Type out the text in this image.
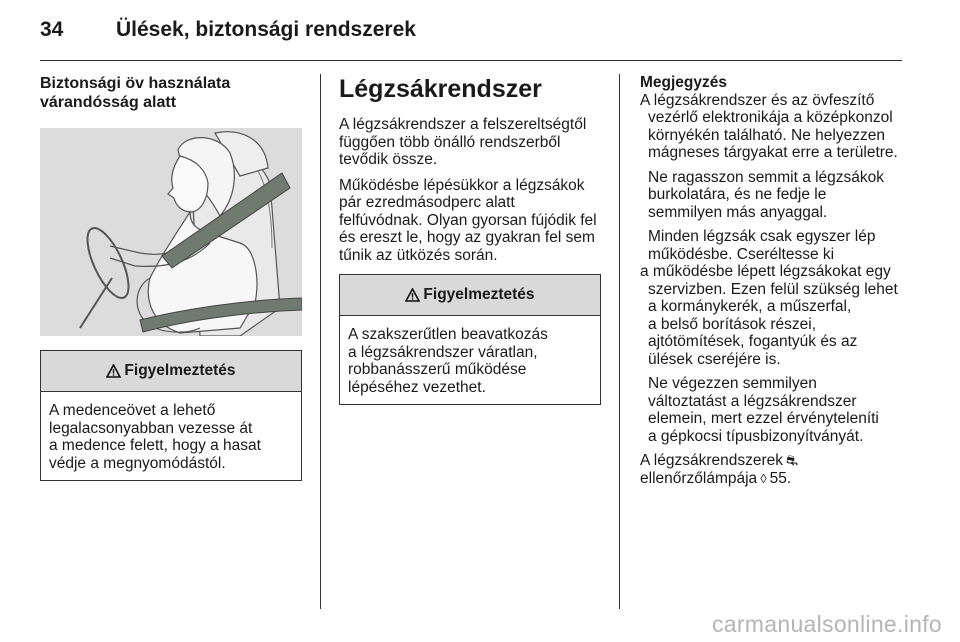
34	Ülések, biztonsági rendszerek
Biztonsági öv használata
várandósság alatt
Figyelmeztetés
A medenceövet a lehető
legalacsonyabban vezesse át
a medence felett, hogy a hasat
védje a megnyomódástól.
Légzsákrendszer

A légzsákrendszer a felszereltségtől
függően több önálló rendszerből
tevődik össze.

Működésbe lépésükkor a légzsákok
pár ezredmásodperc alatt
felfúvódnak. Olyan gyorsan fújódik fel
és ereszt le, hogy az gyakran fel sem
tűnik az ütközés során.

Figyelmeztetés
A szakszerűtlen beavatkozás
a légzsákrendszer váratlan,
robbanásszerű működése
lépéséhez vezethet.
Megjegyzés

A légzsákrendszer és az övfeszítő
vezérlő elektronikája a középkonzol
környékén található. Ne helyezzen
mágneses tárgyakat erre a területre.

Ne ragasszon semmit a légzsákok
burkolatára, és ne fedje le
semmilyen más anyaggal.

Minden légzsák csak egyszer lép
működésbe. Cseréltesse ki
a működésbe lépett légzsákokat egy
szervizben. Ezen felül szükség lehet
a kormánykerék, a műszerfal,
a belső borítások részei,
ajtótömítések, fogantyúk és az
ülések cseréjére is.

Ne végezzen semmilyen
változtatást a légzsákrendszer
elemein, mert ezzel érvényteleníti
a gépkocsi típusbizonyítványát.

A légzsákrendszerek ⛐
ellenőrzőlámpája ◊ 55.

carmanualsonline.info
